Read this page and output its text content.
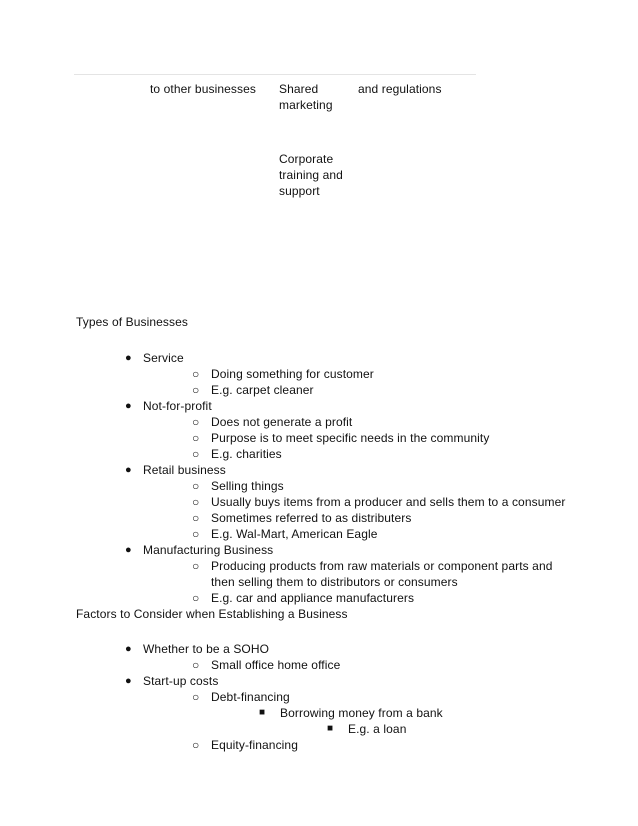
to other businesses Shared
marketing
and regulations
Corporate
training and
support
Types of Businesses
● Service
○ Doing something for customer
○ E.g. carpet cleaner
● Not-for-profit
○ Does not generate a profit
○ Purpose is to meet specific needs in the community
○ E.g. charities
● Retail business
○ Selling things
○ Usually buys items from a producer and sells them to a consumer
○ Sometimes referred to as distributers
○ E.g. Wal-Mart, American Eagle
● Manufacturing Business
○ Producing products from raw materials or component parts and
then selling them to distributors or consumers
○ E.g. car and appliance manufacturers
Factors to Consider when Establishing a Business
● Whether to be a SOHO
○ Small office home office
● Start-up costs
○ Debt-financing
■ Borrowing money from a bank
■ E.g. a loan
○ Equity-financing
